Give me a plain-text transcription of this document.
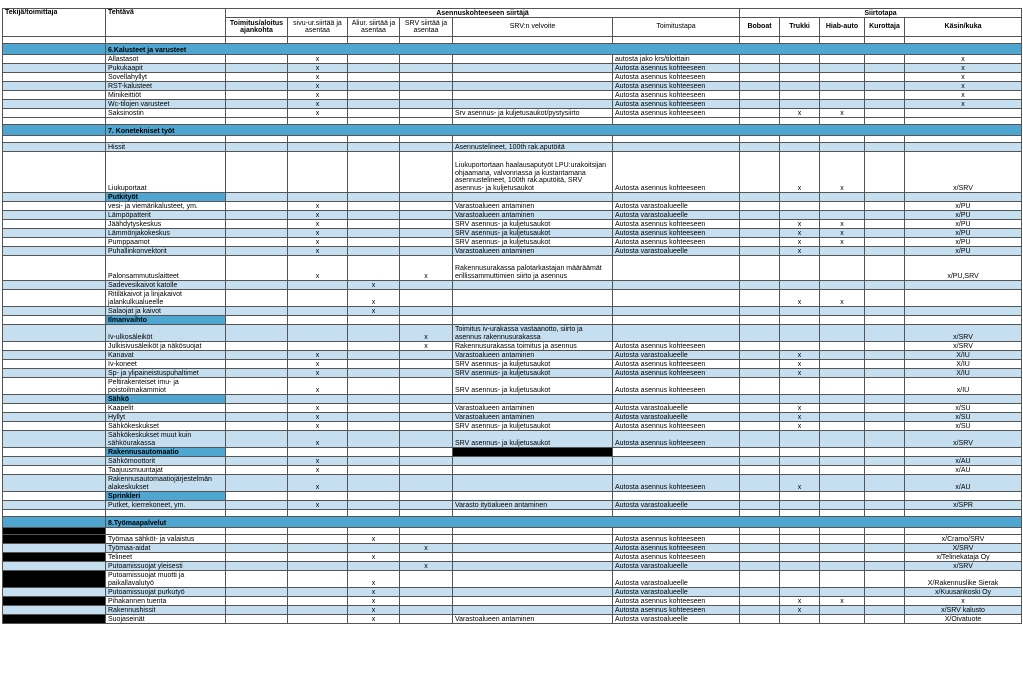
Tekijä/toimittaja	Tehtävä	Asennuskohteeseen siirtäjä						Siirtotapa				
		Toimitus/aloitus ajankohta	sivu-ur.siirtää ja asentaa	Aliur. siirtää ja asentaa	SRV siirtää ja asentaa	SRV:n velvoite	Toimitustapa	Boboat	Trukki	Hiab-auto	Kurottaja	Käsin/kuka

	6.Kalusteet ja varusteet											
	Allastasot		x				autosta jako krs/tiloittain					x
	Pukukaapit		x				Autosta asennus kohteeseen					x
	Sovellahyllyt		x				Autosta asennus kohteeseen					x
	RST-kalusteet		x				Autosta asennus kohteeseen					x
	Minikeittiöt		x				Autosta asennus kohteeseen					x
	Wc-tilojen varusteet		x				Autosta asennus kohteeseen					x
	Saksinostin		x			Srv asennus- ja kuljetusaukot/pystysiirto	Autosta asennus kohteeseen		x	x		

	7. Konetekniset työt											

	Hissit					Asennustelineet, 100th rak.aputöitä						
	Liukuportaat					Liukuportortaan haalausaputyöt LPU:urakoitsijan ohjaamana, valvonnassa ja kustantamana asennustelineet, 100th rak.aputöitä, SRV asennus- ja kuljetusaukot	Autosta asennus kohteeseen		x	x		x/SRV
	Putkityöt											
	vesi- ja viemärikalusteet, ym.		x			Varastoalueen antaminen	Autosta varastoalueelle					x/PU
	Lämpöpatterit		x			Varastoalueen antaminen	Autosta varastoalueelle					x/PU
	Jäähdytyskeskus		x			SRV asennus- ja kuljetusaukot	Autosta asennus kohteeseen		x	x		x/PU
	Lämmönjakokeskus		x			SRV asennus- ja kuljetusaukot	Autosta asennus kohteeseen		x	x		x/PU
	Pumppaamot		x			SRV asennus- ja kuljetusaukot	Autosta asennus kohteeseen		x	x		x/PU
	Puhallinkonvektorit		x			Varastoalueen antaminen	Autosta varastoalueelle		x			x/PU
	Palonsammutuslaitteet		x		x	Rakennusurakassa palotarkastajan määräämät erillissammuttimien siirto ja asennus						x/PU,SRV
	Sadevesikaivot katolle			x								
	Ritiläkaivot ja linjakaivot jalankulkualueelle			x					x	x		
	Salaojat ja kaivot			x								
	Ilmanvaihto											
	Iv-ulkosäleiköt				x	Toimitus iv-urakassa vastaanotto, siirto ja asennus rakennusurakassa						x/SRV
	Julkisivusäleiköt ja näkösuojat				x	Rakennusurakassa toimitus ja asennus	Autosta asennus kohteeseen					x/SRV
	Kanavat		x			Varastoalueen antaminen	Autosta varastoalueelle		x			X/IU
	Iv-koneet		x			SRV asennus- ja kuljetusaukot	Autosta asennus kohteeseen		x			X/IU
	Sp- ja ylipaineistuspuhaltimet		x			SRV asennus- ja kuljetusaukot	Autosta asennus kohteeseen		x			X/IU
	Peltirakenteiset imu- ja poistoilmakammiot		x			SRV asennus- ja kuljetusaukot	Autosta asennus kohteeseen					x/IU
	Sähkö											
	Kaapelit		x			Varastoalueen antaminen	Autosta varastoalueelle		x			x/SU
	Hyllyt		x			Varastoalueen antaminen	Autosta varastoalueelle		x			x/SU
	Sähkökeskukset		x			SRV asennus- ja kuljetusaukot	Autosta asennus kohteeseen		x			x/SU
	Sähkökeskukset muut kuin sähköurakassa		x			SRV asennus- ja kuljetusaukot	Autosta asennus kohteeseen					x/SRV
	Rakennusautomaatio											
	Sähkömoottorit		x									x/AU
	Taajuusmuuntajat		x									x/AU
	Rakennusautomaatiojärjestelmän alakeskukset		x				Autosta asennus kohteeseen		x			x/AU
	Sprinkleri											
	Putket, kierrekoneet, ym.		x			Varasto ityöalueen antaminen	Autosta varastoalueelle					x/SPR

	8.Työmaapalvelut											

	Työmaa sähköt- ja valaistus			x			Autosta asennus kohteeseen					x/Cramo/SRV
	Työmaa-aidat				x		Autosta asennus kohteeseen					X/SRV
	Telineet			x			Autosta asennus kohteeseen					x/Telinekataja Oy
	Putoamissuojat yleisesti				x		Autosta varastoalueelle					x/SRV
	Putoamissuojat muotti ja paikallavalutyö			x			Autosta varastoalueelle					X/Rakennuslike Sierak
	Putoamissuojat purkutyö			x			Autosta varastoalueelle					x/Kuusankoski Oy
	Pihakannen tuenta			x			Autosta asennus kohteeseen		x	x		x
	Rakennushissit			x			Autosta asennus kohteeseen		x			x/SRV kalusto
	Suojaseinät			x		Varastoalueen antaminen	Autosta varastoalueelle					X/Oivatuote
